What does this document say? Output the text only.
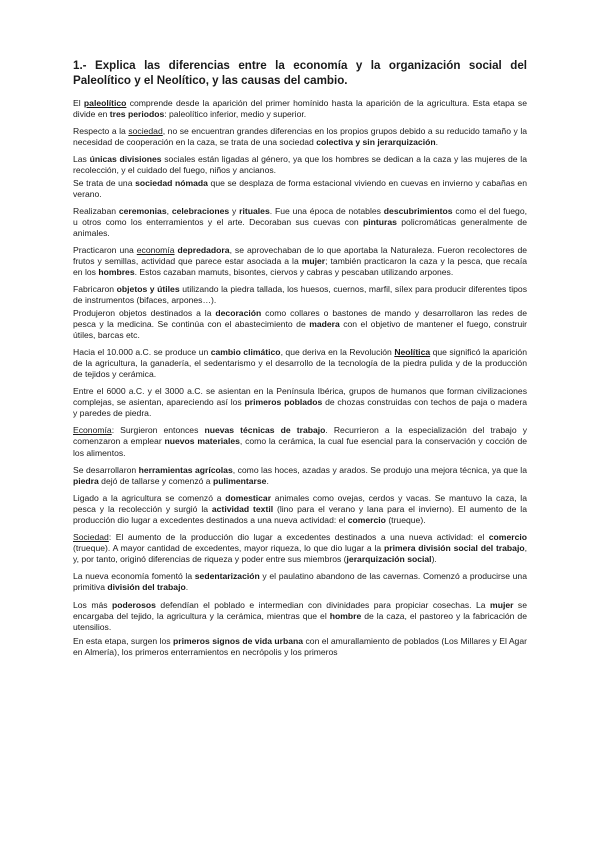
1.- Explica las diferencias entre la economía y la organización social del Paleolítico y el Neolítico, y las causas del cambio.
El paleolítico comprende desde la aparición del primer homínido hasta la aparición de la agricultura. Esta etapa se divide en tres periodos: paleolítico inferior, medio y superior.
Respecto a la sociedad, no se encuentran grandes diferencias en los propios grupos debido a su reducido tamaño y la necesidad de cooperación en la caza, se trata de una sociedad colectiva y sin jerarquización.
Las únicas divisiones sociales están ligadas al género, ya que los hombres se dedican a la caza y las mujeres de la recolección, y el cuidado del fuego, niños y ancianos.
Se trata de una sociedad nómada que se desplaza de forma estacional viviendo en cuevas en invierno y cabañas en verano.
Realizaban ceremonias, celebraciones y rituales. Fue una época de notables descubrimientos como el del fuego, u otros como los enterramientos y el arte. Decoraban sus cuevas con pinturas policromáticas generalmente de animales.
Practicaron una economía depredadora, se aprovechaban de lo que aportaba la Naturaleza. Fueron recolectores de frutos y semillas, actividad que parece estar asociada a la mujer; también practicaron la caza y la pesca, que recaía en los hombres. Estos cazaban mamuts, bisontes, ciervos y cabras y pescaban utilizando arpones.
Fabricaron objetos y útiles utilizando la piedra tallada, los huesos, cuernos, marfil, sílex para producir diferentes tipos de instrumentos (bifaces, arpones…).
Produjeron objetos destinados a la decoración como collares o bastones de mando y desarrollaron las redes de pesca y la medicina. Se continúa con el abastecimiento de madera con el objetivo de mantener el fuego, construir útiles, barcas etc.
Hacia el 10.000 a.C. se produce un cambio climático, que deriva en la Revolución Neolítica que significó la aparición de la agricultura, la ganadería, el sedentarismo y el desarrollo de la tecnología de la piedra pulida y de la producción de tejidos y cerámica.
Entre el 6000 a.C. y el 3000 a.C. se asientan en la Península Ibérica, grupos de humanos que forman civilizaciones complejas, se asientan, apareciendo así los primeros poblados de chozas construidas con techos de paja o madera y paredes de piedra.
Economía: Surgieron entonces nuevas técnicas de trabajo. Recurrieron a la especialización del trabajo y comenzaron a emplear nuevos materiales, como la cerámica, la cual fue esencial para la conservación y cocción de los alimentos.
Se desarrollaron herramientas agrícolas, como las hoces, azadas y arados. Se produjo una mejora técnica, ya que la piedra dejó de tallarse y comenzó a pulimentarse.
Ligado a la agricultura se comenzó a domesticar animales como ovejas, cerdos y vacas. Se mantuvo la caza, la pesca y la recolección y surgió la actividad textil (lino para el verano y lana para el invierno). El aumento de la producción dio lugar a excedentes destinados a una nueva actividad: el comercio (trueque).
Sociedad: El aumento de la producción dio lugar a excedentes destinados a una nueva actividad: el comercio (trueque). A mayor cantidad de excedentes, mayor riqueza, lo que dio lugar a la primera división social del trabajo, y, por tanto, originó diferencias de riqueza y poder entre sus miembros (jerarquización social).
La nueva economía fomentó la sedentarización y el paulatino abandono de las cavernas. Comenzó a producirse una primitiva división del trabajo.
Los más poderosos defendían el poblado e intermedian con divinidades para propiciar cosechas. La mujer se encargaba del tejido, la agricultura y la cerámica, mientras que el hombre de la caza, el pastoreo y la fabricación de utensilios.
En esta etapa, surgen los primeros signos de vida urbana con el amurallamiento de poblados (Los Millares y El Agar en Almería), los primeros enterramientos en necrópolis y los primeros
